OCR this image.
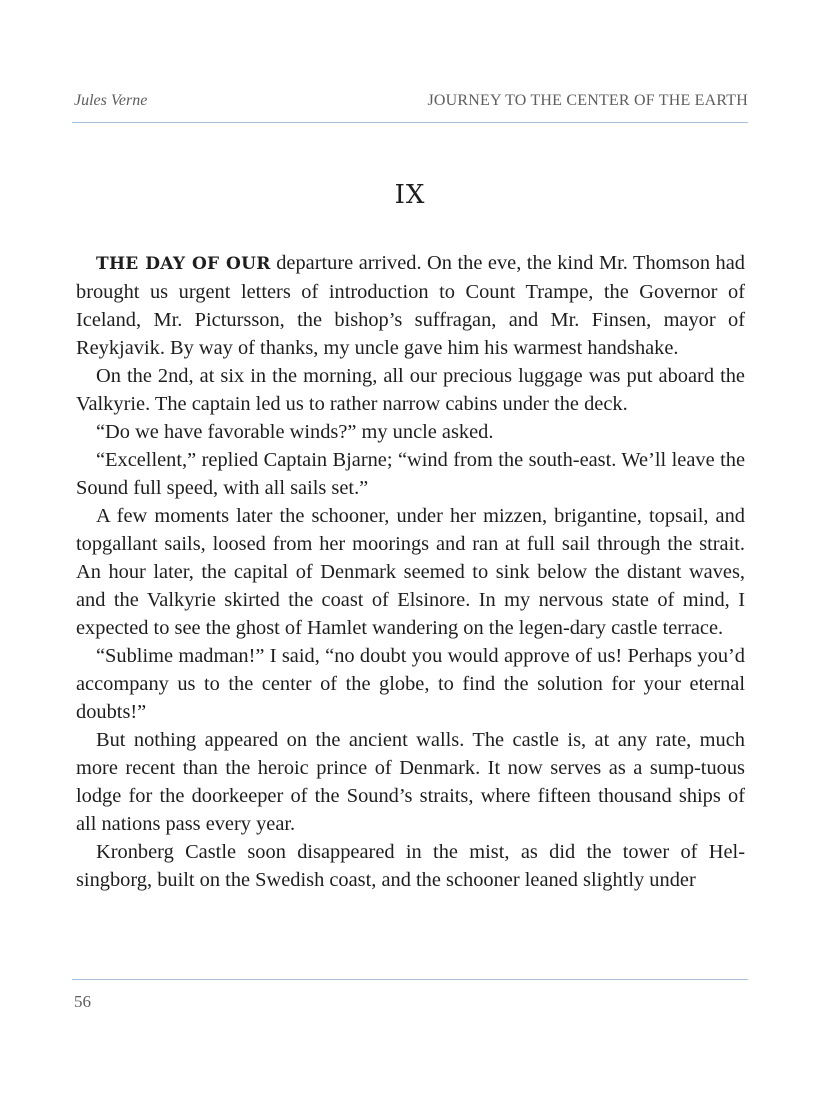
Jules Verne	JOURNEY TO THE CENTER OF THE EARTH
IX

THE DAY OF OUR departure arrived. On the eve, the kind Mr. Thomson had brought us urgent letters of introduction to Count Trampe, the Governor of Iceland, Mr. Pictursson, the bishop’s suffragan, and Mr. Finsen, mayor of Reykjavik. By way of thanks, my uncle gave him his warmest handshake.

On the 2nd, at six in the morning, all our precious luggage was put aboard the Valkyrie. The captain led us to rather narrow cabins under the deck.

“Do we have favorable winds?” my uncle asked.

“Excellent,” replied Captain Bjarne; “wind from the south-east. We’ll leave the Sound full speed, with all sails set.”

A few moments later the schooner, under her mizzen, brigantine, topsail, and topgallant sails, loosed from her moorings and ran at full sail through the strait. An hour later, the capital of Denmark seemed to sink below the distant waves, and the Valkyrie skirted the coast of Elsinore. In my nervous state of mind, I expected to see the ghost of Hamlet wandering on the legen-dary castle terrace.

“Sublime madman!” I said, “no doubt you would approve of us! Perhaps you’d accompany us to the center of the globe, to find the solution for your eternal doubts!”

But nothing appeared on the ancient walls. The castle is, at any rate, much more recent than the heroic prince of Denmark. It now serves as a sump-tuous lodge for the doorkeeper of the Sound’s straits, where fifteen thousand ships of all nations pass every year.

Kronberg Castle soon disappeared in the mist, as did the tower of Hel-singborg, built on the Swedish coast, and the schooner leaned slightly under

56
